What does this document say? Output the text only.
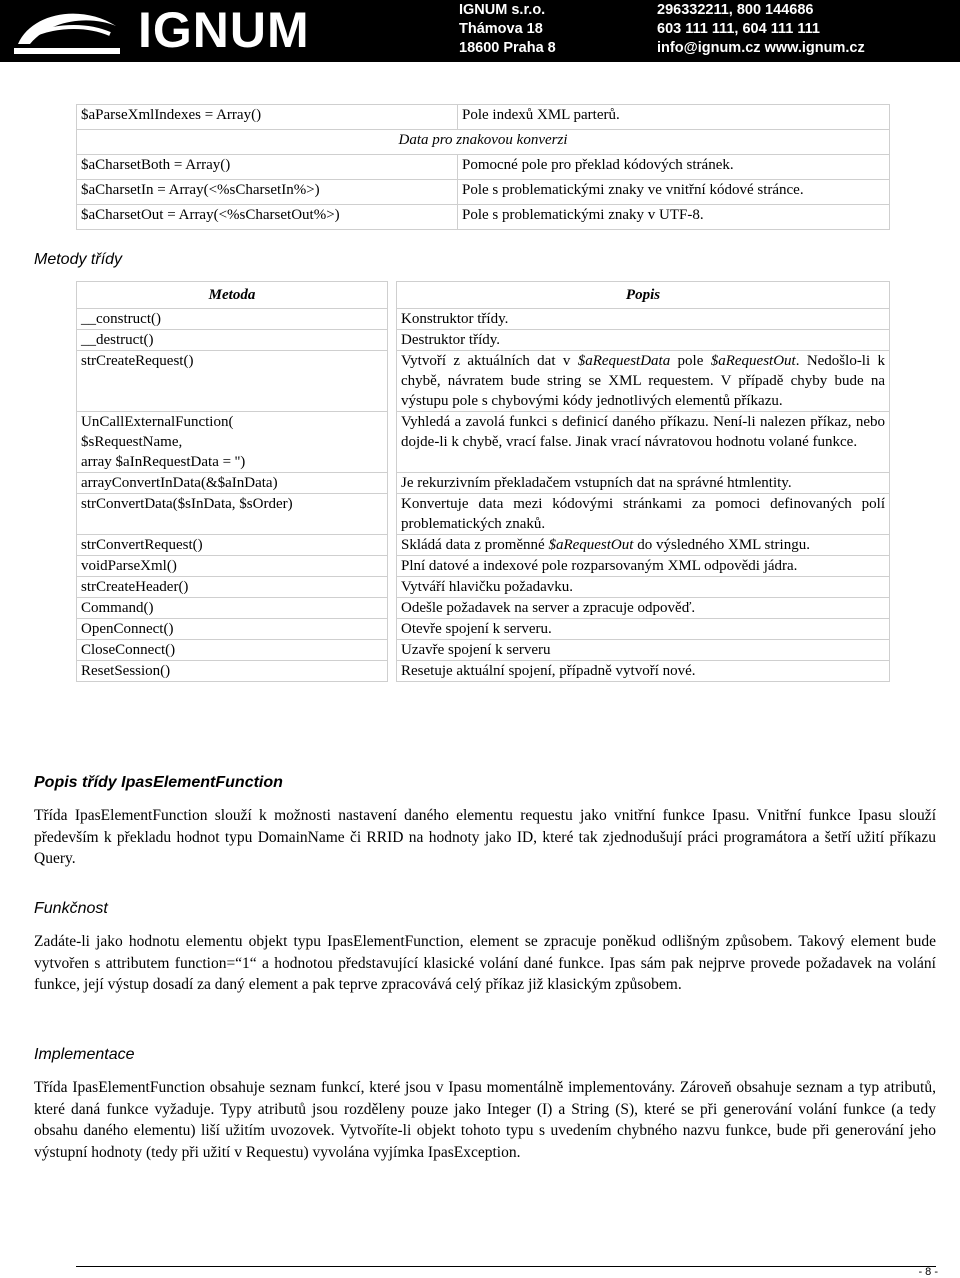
IGNUM	IGNUM s.r.o.
Thámova 18
18600 Praha 8
296332211, 800 144686
603 111 111, 604 111 111
info@ignum.cz www.ignum.cz
$aParseXmlIndexes = Array()	Pole indexů XML parterů.
Data pro znakovou konverzi	
$aCharsetBoth = Array()	Pomocné pole pro překlad kódových stránek.
$aCharsetIn = Array(<%sCharsetIn%>)	Pole s problematickými znaky ve vnitřní kódové stránce.
$aCharsetOut = Array(<%sCharsetOut%>)	Pole s problematickými znaky v UTF-8.
Metody třídy
Metoda		Popis
__construct()		Konstruktor třídy.
__destruct()		Destruktor třídy.
strCreateRequest()		Vytvoří z aktuálních dat v $aRequestData pole $aRequestOut. Nedošlo-li k chybě, návratem bude string se XML requestem. V případě chyby bude na výstupu pole s chybovými kódy jednotlivých elementů příkazu.

UnCallExternalFunction(
$sRequestName,
array $aInRequestData = '')		Vyhledá a zavolá funkci s definicí daného příkazu. Není-li nalezen příkaz, nebo dojde-li k chybě, vrací false. Jinak vrací návratovou hodnotu volané funkce.
arrayConvertInData(&$aInData)		Je rekurzivním překladačem vstupních dat na správné htmlentity.
strConvertData($sInData, $sOrder)		Konvertuje data mezi kódovými stránkami za pomoci definovaných polí problematických znaků.
strConvertRequest()		Skládá data z proměnné $aRequestOut do výsledného XML stringu.
voidParseXml()		Plní datové a indexové pole rozparsovaným XML odpovědi jádra.
strCreateHeader()		Vytváří hlavičku požadavku.
Command()		Odešle požadavek na server a zpracuje odpověď.
OpenConnect()		Otevře spojení k serveru.
CloseConnect()		Uzavře spojení k serveru
ResetSession()		Resetuje aktuální spojení, případně vytvoří nové.
Popis třídy IpasElementFunction
Třída IpasElementFunction slouží k možnosti nastavení daného elementu requestu jako vnitřní funkce Ipasu. Vnitřní funkce Ipasu slouží především k překladu hodnot typu DomainName či RRID na hodnoty jako ID, které tak zjednodušují práci programátora a šetří užití příkazu Query.
Funkčnost
Zadáte-li jako hodnotu elementu objekt typu IpasElementFunction, element se zpracuje poněkud odlišným způsobem. Takový element bude vytvořen s attributem function=“1“ a hodnotou představující klasické volání dané funkce. Ipas sám pak nejprve provede požadavek na volání funkce, její výstup dosadí za daný element a pak teprve zpracovává celý příkaz již klasickým způsobem.
Implementace
Třída IpasElementFunction obsahuje seznam funkcí, které jsou v Ipasu momentálně implementovány. Zároveň obsahuje seznam a typ atributů, které daná funkce vyžaduje. Typy atributů jsou rozděleny pouze jako Integer (I) a String (S), které se při generování volání funkce (a tedy obsahu daného elementu) liší užitím uvozovek. Vytvoříte-li objekt tohoto typu s uvedením chybného nazvu funkce, bude při generování jeho výstupní hodnoty (tedy při užití v Requestu) vyvolána vyjímka IpasException.
- 8 -
